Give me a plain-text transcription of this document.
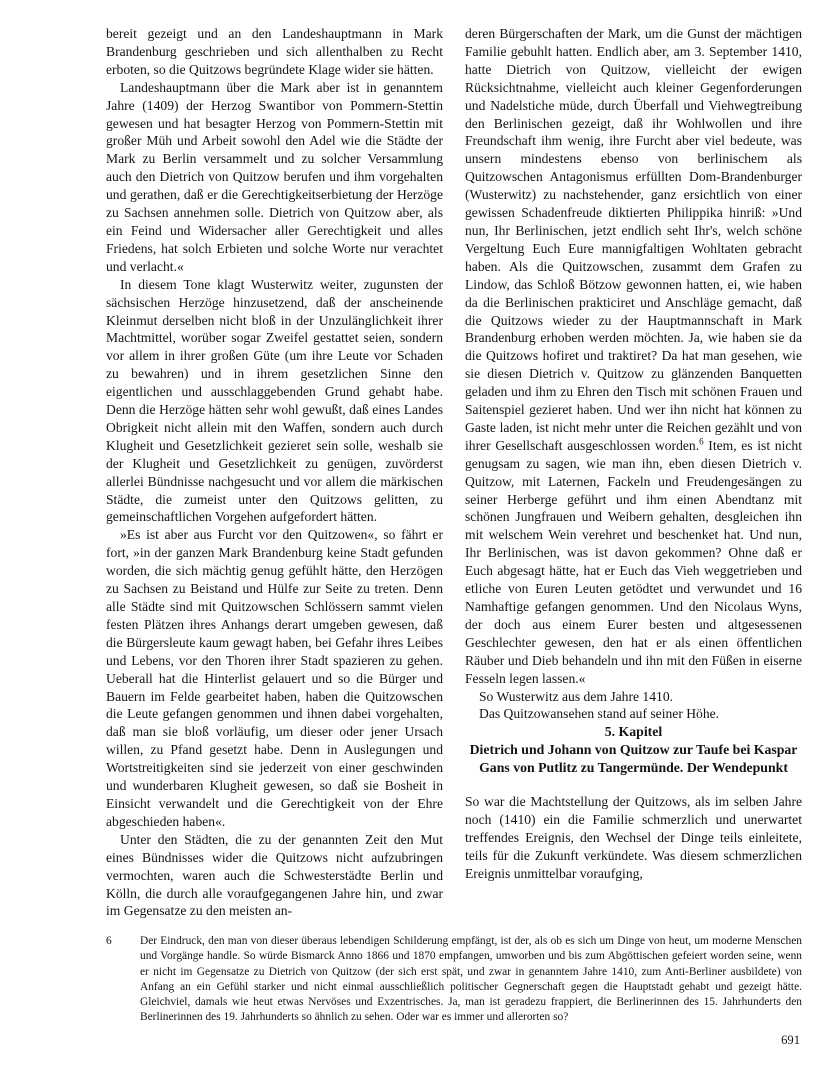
bereit gezeigt und an den Landeshauptmann in Mark Brandenburg geschrieben und sich allenthalben zu Recht erboten, so die Quitzows begründete Klage wider sie hätten.

Landeshauptmann über die Mark aber ist in genanntem Jahre (1409) der Herzog Swantibor von Pommern-Stettin gewesen und hat besagter Herzog von Pommern-Stettin mit großer Müh und Arbeit sowohl den Adel wie die Städte der Mark zu Berlin versammelt und zu solcher Versammlung auch den Dietrich von Quitzow berufen und ihm vorgehalten und gerathen, daß er die Gerechtigkeitserbietung der Herzöge zu Sachsen annehmen solle. Dietrich von Quitzow aber, als ein Feind und Widersacher aller Gerechtigkeit und alles Friedens, hat solch Erbieten und solche Worte nur verachtet und verlacht.«

In diesem Tone klagt Wusterwitz weiter, zugunsten der sächsischen Herzöge hinzusetzend, daß der anscheinende Kleinmut derselben nicht bloß in der Unzulänglichkeit ihrer Machtmittel, worüber sogar Zweifel gestattet seien, sondern vor allem in ihrer großen Güte (um ihre Leute vor Schaden zu bewahren) und in ihrem gesetzlichen Sinne den eigentlichen und ausschlaggebenden Grund gehabt habe. Denn die Herzöge hätten sehr wohl gewußt, daß eines Landes Obrigkeit nicht allein mit den Waffen, sondern auch durch Klugheit und Gesetzlichkeit gezieret sein solle, weshalb sie der Klugheit und Gesetzlichkeit zu genügen, zuvörderst allerlei Bündnisse nachgesucht und vor allem die märkischen Städte, die zumeist unter den Quitzows gelitten, zu gemeinschaftlichen Vorgehen aufgefordert hätten.

»Es ist aber aus Furcht vor den Quitzowen«, so fährt er fort, »in der ganzen Mark Brandenburg keine Stadt gefunden worden, die sich mächtig genug gefühlt hätte, den Herzögen zu Sachsen zu Beistand und Hülfe zur Seite zu treten. Denn alle Städte sind mit Quitzowschen Schlössern sammt vielen festen Plätzen ihres Anhangs derart umgeben gewesen, daß die Bürgersleute kaum gewagt haben, bei Gefahr ihres Leibes und Lebens, vor den Thoren ihrer Stadt spazieren zu gehen. Ueberall hat die Hinterlist gelauert und so die Bürger und Bauern im Felde gearbeitet haben, haben die Quitzowschen die Leute gefangen genommen und ihnen dabei vorgehalten, daß man sie bloß vorläufig, um dieser oder jener Ursach willen, zu Pfand gesetzt habe. Denn in Auslegungen und Wortstreitigkeiten sind sie jederzeit von einer geschwinden und wunderbaren Klugheit gewesen, so daß sie Bosheit in Einsicht verwandelt und die Gerechtigkeit von der Ehre abgeschieden haben«.

Unter den Städten, die zu der genannten Zeit den Mut eines Bündnisses wider die Quitzows nicht aufzubringen vermochten, waren auch die Schwesterstädte Berlin und Kölln, die durch alle voraufgegangenen Jahre hin, und zwar im Gegensatze zu den meisten an-

deren Bürgerschaften der Mark, um die Gunst der mächtigen Familie gebuhlt hatten. Endlich aber, am 3. September 1410, hatte Dietrich von Quitzow, vielleicht der ewigen Rücksichtnahme, vielleicht auch kleiner Gegenforderungen und Nadelstiche müde, durch Überfall und Viehwegtreibung den Berlinischen gezeigt, daß ihr Wohlwollen und ihre Freundschaft ihm wenig, ihre Furcht aber viel bedeute, was unsern mindestens ebenso von berlinischem als Quitzowschen Antagonismus erfüllten Dom-Brandenburger (Wusterwitz) zu nachstehender, ganz ersichtlich von einer gewissen Schadenfreude diktierten Philippika hinriß: »Und nun, Ihr Berlinischen, jetzt endlich seht Ihr's, welch schöne Vergeltung Euch Eure mannigfaltigen Wohltaten gebracht haben. Als die Quitzowschen, zusammt dem Grafen zu Lindow, das Schloß Bötzow gewonnen hatten, ei, wie haben da die Berlinischen prakticiret und Anschläge gemacht, daß die Quitzows wieder zu der Hauptmannschaft in Mark Brandenburg erhoben werden möchten. Ja, wie haben sie da die Quitzows hofiret und traktiret? Da hat man gesehen, wie sie diesen Dietrich v. Quitzow zu glänzenden Banquetten geladen und ihm zu Ehren den Tisch mit schönen Frauen und Saitenspiel gezieret haben. Und wer ihn nicht hat können zu Gaste laden, ist nicht mehr unter die Reichen gezählt und von ihrer Gesellschaft ausgeschlossen worden.$^6$ Item, es ist nicht genugsam zu sagen, wie man ihn, eben diesen Dietrich v. Quitzow, mit Laternen, Fackeln und Freudengesängen zu seiner Herberge geführt und ihm einen Abendtanz mit schönen Jungfrauen und Weibern gehalten, desgleichen ihn mit welschem Wein verehret und beschenket hat. Und nun, Ihr Berlinischen, was ist davon gekommen? Ohne daß er Euch abgesagt hätte, hat er Euch das Vieh weggetrieben und etliche von Euren Leuten getödtet und verwundet und 16 Namhaftige gefangen genommen. Und den Nicolaus Wyns, der doch aus einem Eurer besten und altgesessenen Geschlechter gewesen, den hat er als einen öffentlichen Räuber und Dieb behandeln und ihn mit den Füßen in eiserne Fesseln legen lassen.«

So Wusterwitz aus dem Jahre 1410.

Das Quitzowansehen stand auf seiner Höhe.

5. Kapitel

Dietrich und Johann von Quitzow zur Taufe bei Kaspar Gans von Putlitz zu Tangermünde. Der Wendepunkt

So war die Machtstellung der Quitzows, als im selben Jahre noch (1410) ein die Familie schmerzlich und unerwartet treffendes Ereignis, den Wechsel der Dinge teils einleitete, teils für die Zukunft verkündete. Was diesem schmerzlichen Ereignis unmittelbar voraufging,

6	Der Eindruck, den man von dieser überaus lebendigen Schilderung empfängt, ist der, als ob es sich um Dinge von heut, um moderne Menschen und Vorgänge handle. So würde Bismarck Anno 1866 und 1870 empfangen, umworben und bis zum Abgöttischen gefeiert worden seine, wenn er nicht im Gegensatze zu Dietrich von Quitzow (der sich erst spät, und zwar in genanntem Jahre 1410, zum Anti-Berliner ausbildete) von Anfang an ein Gefühl starker und nicht einmal ausschließlich politischer Gegnerschaft gegen die Hauptstadt gehabt und gezeigt hätte. Gleichviel, damals wie heut etwas Nervöses und Exzentrisches. Ja, man ist geradezu frappiert, die Berlinerinnen des 15. Jahrhunderts den Berlinerinnen des 19. Jahrhunderts so ähnlich zu sehen. Oder war es immer und allerorten so?
691
